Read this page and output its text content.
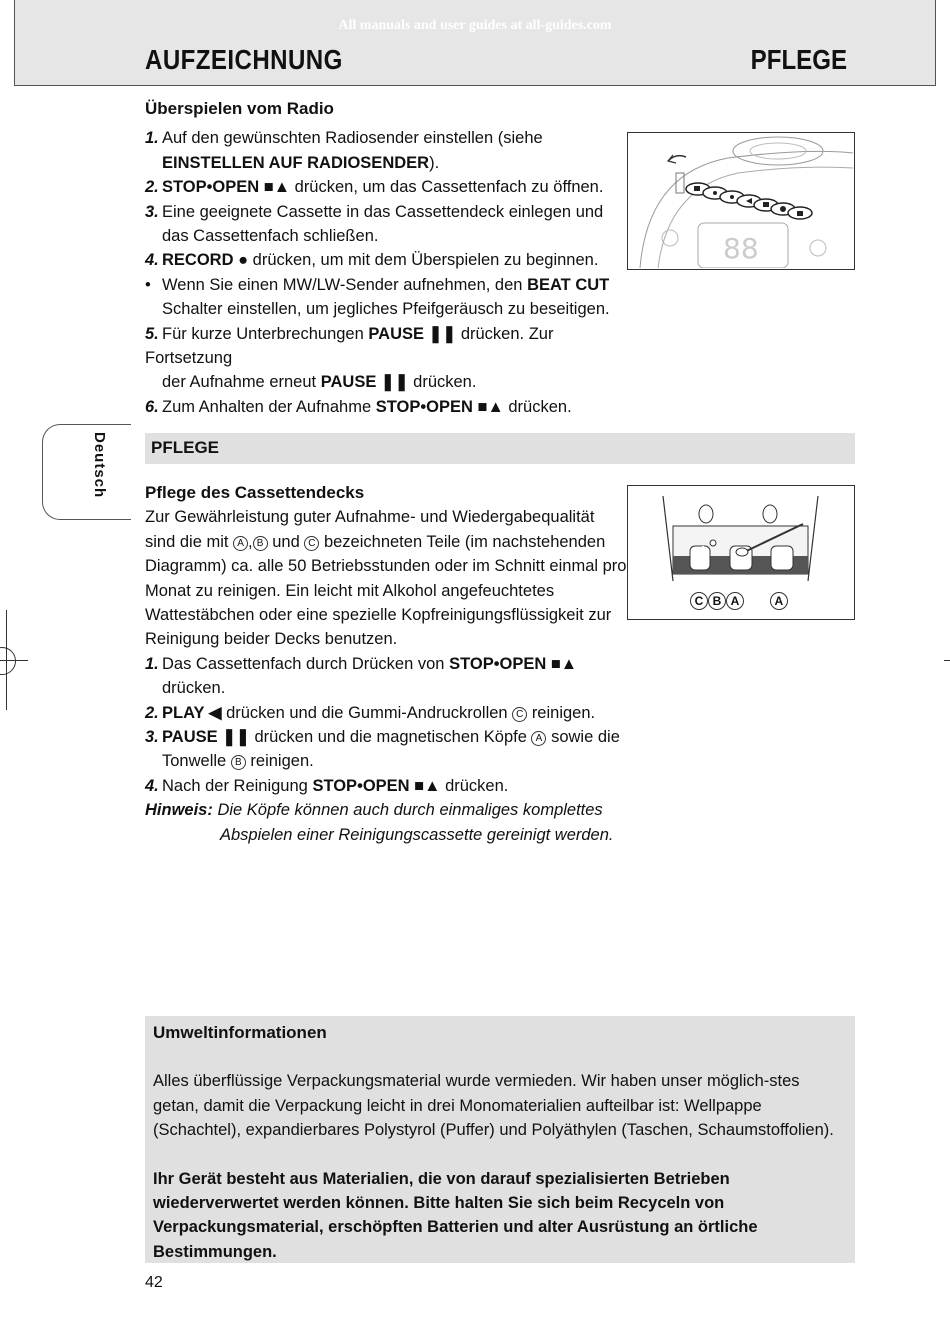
All manuals and user guides at all-guides.com
AUFZEICHNUNG	PFLEGE

Überspielen vom Radio

1. Auf den gewünschten Radiosender einstellen (siehe

EINSTELLEN AUF RADIOSENDER).

2. STOP•OPEN ■▲ drücken, um das Cassettenfach zu öffnen.

3. Eine geeignete Cassette in das Cassettendeck einlegen und

das Cassettenfach schließen.

4. RECORD ● drücken, um mit dem Überspielen zu beginnen.

• Wenn Sie einen MW/LW-Sender aufnehmen, den BEAT CUT

Schalter einstellen, um jegliches Pfeifgeräusch zu beseitigen.

5. Für kurze Unterbrechungen PAUSE ❚❚ drücken. Zur Fortsetzung

der Aufnahme erneut PAUSE ❚❚ drücken.

6. Zum Anhalten der Aufnahme STOP•OPEN ■▲ drücken.

88
Deutsch	PFLEGE

Pflege des Cassettendecks

Zur Gewährleistung guter Aufnahme- und Wiedergabequalität

sind die mit A , B und C bezeichneten Teile (im nachstehenden

Diagramm) ca. alle 50 Betriebsstunden oder im Schnitt einmal pro

Monat zu reinigen. Ein leicht mit Alkohol angefeuchtetes

Wattestäbchen oder eine spezielle Kopfreinigungsflüssigkeit zur

Reinigung beider Decks benutzen.

1. Das Cassettenfach durch Drücken von STOP•OPEN ■▲

drücken.

2. PLAY ◀ drücken und die Gummi-Andruckrollen C reinigen.

3. PAUSE ❚❚ drücken und die magnetischen Köpfe A sowie die

Tonwelle B reinigen.

4. Nach der Reinigung STOP•OPEN ■▲ drücken.

Hinweis: Die Köpfe können auch durch einmaliges komplettes

Abspielen einer Reinigungscassette gereinigt werden.

C B A	A

Umweltinformationen

Alles überflüssige Verpackungsmaterial wurde vermieden. Wir haben unser möglich-stes getan, damit die Verpackung leicht in drei Monomaterialien aufteilbar ist: Wellpappe (Schachtel), expandierbares Polystyrol (Puffer) und Polyäthylen (Taschen, Schaumstoffolien).

Ihr Gerät besteht aus Materialien, die von darauf spezialisierten Betrieben wiederverwertet werden können. Bitte halten Sie sich beim Recyceln von Verpackungsmaterial, erschöpften Batterien und alter Ausrüstung an örtliche Bestimmungen.

42
